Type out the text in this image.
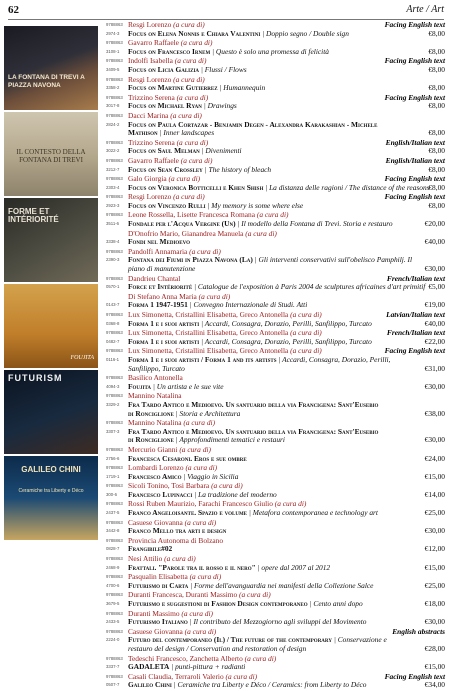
62	Arte / Art
LA FONTANA DI TREVI A PIAZZA NAVONA
IL CONTESTO DELLA FONTANA DI TREVI
FORME ET INTÉRIORITÉ
FOUJITA
FUTURISM
GALILEO CHINI
Ceramiche tra Liberty e Déco
9788863 Resgi Lorenzo (a cura di)	Facing English text
2974-3	Focus on Elena Nonnis e Chiara Valentini | Doppio segno / Double sign	€8,00
9788863 Gavarro Raffaele (a cura di)
3108-1	Focus on Francesco Irnem | Questo è solo una promessa di felicità	€8,00
9788863 Indolfi Isabella (a cura di)	Facing English text
3409-5	Focus on Licia Galizia | Flussi / Flows	€8,00
9788863 Resgi Lorenzo (a cura di)
3358-2	Focus on Martine Gutierrez | Humannequin	€8,00
9788863 Trizzino Serena (a cura di)	Facing English text
3017-8	Focus on Michael Ryan | Drawings	€8,00
9788863 Dacci Marina (a cura di)
2824-2	Focus on Paula Cortazar - Benjamin Degen - Alexandra Karakashian - Michele
Mathison | Inner landscapes	€8,00
9788863 Trizzino Serena (a cura di)	English/Italian text
3022-2	Focus on Saul Melman | Divenimenti	€8,00
9788863 Gavarro Raffaele (a cura di)	English/Italian text
3212-7	Focus on Sean Crossley | The history of bleach	€8,00
9788863 Galo Giorgia (a cura di)	Facing English text
2303-4	Focus on Veronica Botticelli e Khen Shish | La distanza delle ragioni / The distance of the reasons
€8,00
9788863 Resgi Lorenzo (a cura di)	Facing English text
2923-3	Focus on Vincenzo Rulli | My memory is some where else	€8,00
9788863 Leone Rossella, Lisette Francesca Romana (a cura di)
3511-6	Fondale per l'Acqua Vergine (Un) | Il modello della Fontana di Trevi. Storia e restauro	€20,00
D'Onofrio Mario, Gianandrea Manuela (a cura di)
3338-4	Fondi nel Medioevo	€40,00
9788863 Pandolfi Annamaria (a cura di)
2390-3	Fontana dei Fiumi in Piazza Navona (La) | Gli interventi conservativi sull'obelisco Pamphilj. Il
piano di manutenzione	€30,00
9788863 Dandrieu Chantal	French/Italian text
0570-1	Force et Intériorité | Catalogue de l'exposition à Paris 2004 de sculptures africaines d'art primitif €5,00
Di Stefano Anna Maria (a cura di)
0143-7	Forma 1 1947-1951 | Convegno Internazionale di Studi. Atti	€19,00
9788863 Lux Simonetta, Cristallini Elisabetta, Greco Antonella (a cura di)	Latvian/Italian text
0368-8	Forma 1 e i suoi artisti | Accardi, Consagra, Dorazio, Perilli, Sanfilippo, Turcato	€40,00
9788863 Lux Simonetta, Cristallini Elisabetta, Greco Antonella (a cura di)	French/Italian text
0482-7	Forma 1 e i suoi artisti | Accardi, Consagra, Dorazio, Perilli, Sanfilippo, Turcato	€22,00
9788863 Lux Simonetta, Cristallini Elisabetta, Greco Antonella (a cura di)	Facing English text
0116-1	Forma 1 e i suoi artisti / Forma 1 and its artists | Accardi, Consagra, Dorazio, Perilli,
Sanfilippo, Turcato	€31,00
9788863 Basilico Antonella
4094-3	Foujita | Un artista e le sue vite	€30,00
9788863 Mannino Natalina
3329-2	Fra Tardo Antico e Medioevo. Un santuario della via Francigena: Sant'Eusebio
di Ronciglione | Storia e Architettura	€38,00
9788863 Mannino Natalina (a cura di)
3307-3	Fra Tardo Antico e Medioevo. Un santuario della via Francigena: Sant'Eusebio
di Ronciglione | Approfondimenti tematici e restauri	€30,00
9788863 Mercurio Gianni (a cura di)
2756-6	Francesca Cesaroni. Eros e sue ombre	€24,00
9788863 Lombardi Lorenzo (a cura di)
1719-1	Francesco Amico | Viaggio in Sicilia	€15,00
9788863 Sicoli Tonino, Tosi Barbara (a cura di)
300-6	Francesco Lupinacci | La tradizione del moderno	€14,00
9788863 Rossi Ruben Maurizio, Farachi Francesco Giulio (a cura di)
2437-5	Franco Angeloisante. Spazio e volume | Metafora contemporanea e technology art	€25,00
9788863 Casuese Giovanna (a cura di)
3442-8	Franco Mello tra arti e design	€30,00
9788863 Provincia Autonoma di Bolzano
0828-7	Frangibile#02	€12,00
9788863 Nesi Attilio (a cura di)
2468-9	Frattali. "Parole tra il rosso e il nero" | opere dal 2007 al 2012	€15,00
9788863 Pasqualin Elisabetta (a cura di)
4700-6	Futurismo di Carta | Forme dell'avanguardia nei manifesti della Collezione Salce	€25,00
9788863 Duranti Francesca, Duranti Massimo (a cura di)
3679-5	Futurismo e suggestioni di Fashion Design contemporaneo | Cento anni dopo	€18,00
9788863 Duranti Massimo (a cura di)
2433-5	Futurismo Italiano | Il contributo del Mezzogiorno agli sviluppi del Movimento	€30,00
9788863 Casuese Giovanna (a cura di)	English abstracts
2224-0	Futuro del contemporaneo (Il) / The future of the contemporary | Conservazione e
restauro del design / Conservation and restoration of design	€28,00
9788863 Tedeschi Francesco, Zanchetta Alberto (a cura di)
3337-7	GADALETA | punti-pittura + radianti	€15,00
9788863 Casali Claudia, Terraroli Valerio (a cura di)	Facing English text
0507-7	Galileo Chini | Ceramiche tra Liberty e Déco / Ceramics: from Liberty to Déco	€34,00
